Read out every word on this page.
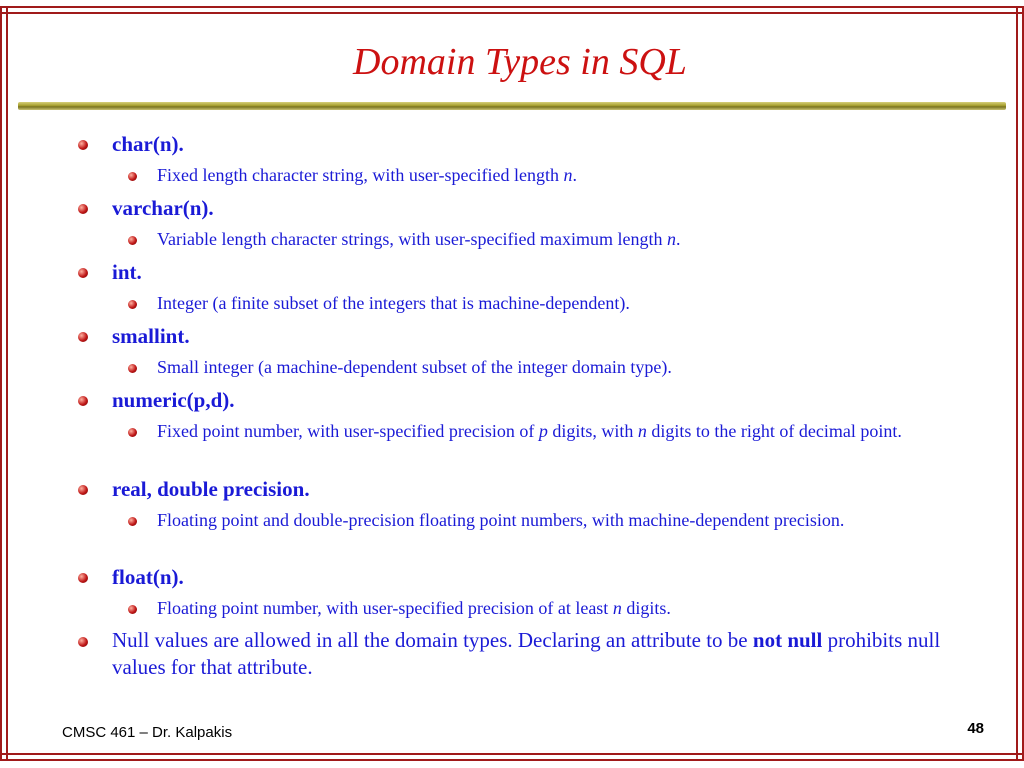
Domain Types in SQL
char(n).
Fixed length character string, with user-specified length n.
varchar(n).
Variable length character strings, with user-specified maximum length n.
int.
Integer (a finite subset of the integers that is machine-dependent).
smallint.
Small integer (a machine-dependent subset of the integer domain type).
numeric(p,d).
Fixed point number, with user-specified precision of p digits, with n digits to the right of decimal point.
real, double precision.
Floating point and double-precision floating point numbers, with machine-dependent precision.
float(n).
Floating point number, with user-specified precision of at least n digits.
Null values are allowed in all the domain types. Declaring an attribute to be not null prohibits null values for that attribute.
CMSC 461 – Dr. Kalpakis	48
